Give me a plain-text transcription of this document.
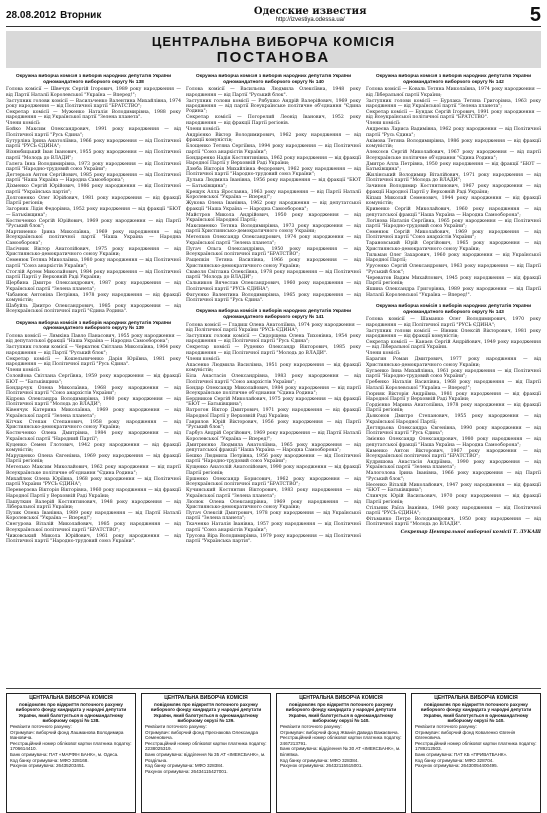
28.08.2012 Вторник	Одесские известия
http://izvestiya.odessa.ua/	5
ЦЕНТРАЛЬНА ВИБОРЧА КОМІСІЯ
ПОСТАНОВА
Окружна виборча комісія з виборів народних депутатів України одномандатного виборчого округу № 138

Голова комісії — Швечук Сергій Ігорович, 1989 року народження — від Партії Наталії Королевської "Україна — Вперед!";

Заступник голови комісії — Васильченко Валентина Михайлівна, 1974 року народження — від Політичної партії "БРАТСТВО";

Секретар комісії — Муженко Наталія Володимирівна, 1988 року народження — від Української партії "Зелена планета".

Члени комісії:

Бойко Максим Олександрович, 1991 року народження — від Політичної партії "Русь Єдина";

Бутурліна Ірина Анатоліївна, 1966 року народження — від Політичної партії "РУСЬ ЄДИНА";

Візнюбицький Іван Іванович, 1955 року народження — від Політичної партії "Молодь до ВЛАДИ";

Галега Інна Володимирівна, 1973 року народження — від Політичної партії "Народно-трудовий союз України";

Дегтерьов Антон Сергійович, 1985 року народження — від Політичної партії "Наша Україна — Народна Самооборона";

Діхменко Сергій Юрійович, 1986 року народження — від Політичної партії "Українська партія";

Долгоненко Олег Юрійович, 1981 року народження — від фракції Партії регіонів;

Загорняк Лідія Федорівна, 1952 року народження — від фракції "БЮТ — Батьківщина";

Костюченко Сергій Юрійович, 1969 року народження — від Партії "Руський блок";

Мартиненко Ірина Миколаївна, 1969 року народження — від Всеукраїнської політичної партії "Наша Україна — Народна Самооборона";

Пасічник Віктор Анатолійович, 1975 року народження — від Християнсько-демократичного союзу України;

Семенюк Тетяна Миколаївна, 1980 року народження — від Політичної партії "Союз анархістів України";

Стоглій Артем Миколайович, 1984 року народження — від Політичної партії Партії у Верховній Раді України;

Щербина Дмитро Олександрович, 1987 року народження — від Української партії "Зелена планета";

Чабанюк Антоніна Петрівна, 1978 року народження — від фракції комуністів;

Шабуйль Дмитро Олександрович, 1985 року народження — від Всеукраїнської політичної партії "Єдина Родина".

Окружна виборча комісія з виборів народних депутатів України одномандатного виборчого округу № 139

Голова комісії — Лямкіна Павло Панасович, 1955 року народження — від депутатської фракції "Наша Україна — Народна Самооборона";

Заступник голови комісії — Черкатюк Світлана Миколаївна, 1964 року народження — від Партії "Руський блок";

Секретар комісії — Кошельниченко Дарія Юріївна, 1981 року народження — від Політичної партії "Русь Єдина".

Члени комісії:

Соловйова Світлана Сергіївна, 1959 року народження — від фракції БЮТ — "Батьківщина";

Бондарчук Олена Миколаївна, 1968 року народження — від Політичної партії "Союз анархістів України";

Кідрова Олександра Володимирівна, 1980 року народження — від Політичної партії "Молодь до ВЛАДИ";

Ківенчук Катерина Миколаївна, 1969 року народження — від Української партії "Зелена планета";

Кітчак Степан Степанович, 1958 року народження — від Християнсько-демократичного союзу України;

Костюченко Олена Дмитрівна, 1984 року народження — від Української партії "Народний Партії";

Куценко Семен Глотович, 1942 року народження — від фракції комуністів;

Марущенко Олена Євгенівна, 1969 року народження — від фракції Партії регіонів;

Метелько Максим Миколайович, 1962 року народження — від партії Всеукраїнське політичне об'єднання "Єдина Родина";

Михайлюк Олена Юріївна, 1968 року народження — від Політичної партії України "РУСЬ ЄДИНА";

Переверзєва Вікторія Вікторівна, 1960 року народження — від фракції Народної Партії у Верховній Раді України;

Пашуткин Валерій Костянтинович, 1948 року народження — від Ліберальної партії України;

Пузик Олена Іванівна, 1989 року народження — від Партії Наталії Королевської "Україна — Вперед!";

Снегурова Віталій Миколайович, 1985 року народження — від Всеукраїнської політичної партії "БРАТСТВО";

Чижовський Микола Юрійович, 1961 року народження — від Політичної партії "Народно-трудовий союз України".

Окружна виборча комісія з виборів народних депутатів України одномандатного виборчого округу № 140

Голова комісії — Васильєва Людмила Олексіївна, 1948 року народження — від Партії "Руський блок".

Заступник голови комісії — Рябушко Андрій Валерійович, 1969 року народження — від партії Всеукраїнське політичне об'єднання "Єдина Родина";

Секретар комісії — Погорелий Леонід Іванович, 1952 року народження — від фракції Партії регіонів.

Члени комісії:

Андрієнко Віктор Володимирович, 1962 року народження — від фракції комуністів;

Блощенко Тетяна Сергіївна, 1994 року народження — від Політичної партії "Союз анархістів України";

Бондаренко Надія Костянтинівна, 1962 року народження — від фракції Народної Партії у Верховній Раді України;

Дзюба Вікторія Михайлівна Федорович, 1962 року народження — від Політичної партії "Народно-трудовий союз України";

Дулька Людмила Іванівна, 1956 року народження — від фракції "БЮТ — Батьківщина";

Крещук Алла Ярославна, 1963 року народження — від Партії Наталії Королевської "Україна — Вперед!";

Жукова Олена Іванівна, 1962 року народження — від депутатської фракції "Наша Україна — Народна Самооборона";

Майстров Микола Андрійович, 1950 року народження — від Української Народної Партії;

Максименко Тетяна Володимирівна, 1973 року народження — від партії Християнсько-демократичного союзу України;

Метелков Олександр Олександрович, 1974 року народження — від Української партії "Зелена планета";

Пугач Ольга Олександрівна, 1950 року народження — від Всеукраїнської політичної партії "БРАТСТВО";

Ращепкін Тетяна Василівна, 1966 року народження — від Християнсько-демократичного союзу України;

Сваволя Світлана Олексіївна, 1978 року народження — від Політичної партії "Молодь до ВЛАДИ";

Сальников Вячеслав Олександрович, 1960 року народження — від Політичної партії "РУСЬ ЄДИНА";

Фатуєнко Валентина Володимирівна, 1965 року народження — від Політичної партії "Русь Єдина".

Окружна виборча комісія з виборів народних депутатів України одномандатного виборчого округу № 141

Голова комісії — Гладиш Олена Анатоліївна, 1974 року народження — від Політичної партії України "РУСЬ ЄДИНА";

Заступник голови комісії — Сидорщева Олена Тихонівна, 1954 року народження — від Політичної партії "Русь Єдина";

Секретар комісії — Руденко Олександр Вікторович, 1985 року народження — від Політичної партії "Молодь до ВЛАДИ".

Члени комісії:

Апасенко Людмила Василівна, 1951 року народження — від фракції комуністів;

Біла Анастасія Олександрівна, 1983 року народження — від Політичної партії "Союз анархістів України";

Бондар Олександр Миколайович, 1984 року народження — від партії Всеукраїнське політичне об'єднання "Єдина Родина";

Бердников Сергій Миколайович, 1975 року народження — від фракції "БЮТ — Батьківщина";

Ватрогон Віктор Дмитрович, 1971 року народження — від фракції Народної Партії у Верховній Раді України;

Гаврилов Юрій Вікторович, 1956 року народження — від Партії "Руський блок";

Гарбуз Андрій Сергійович, 1969 року народження — від Партії Наталії Королевської "Україна — Вперед!";

Дмитриєнко Людмила Анатоліївна, 1965 року народження — від депутатської фракції "Наша Україна — Народна Самооборона";

Бешко Людмила Петрівна, 1956 року народження — від Політичної партії "Народно-трудовий союз України";

Кущенко Анатолій Анатолійович, 1990 року народження — від фракції Партії регіонів;

Ершенко Олександр Борисович, 1962 року народження — від Всеукраїнської політичної партії "БРАТСТВО";

Кучинський Костянтин Вікторович, 1983 року народження — від Української партії "Зелена планета";

Люлюк Олена Олександрівна, 1969 року народження — від Християнсько-демократичного союзу України;

Пугач Олексій Дмитрович, 1978 року народження — від Української партії "Зелена планета";

Ткаченко Наталія Іванівна, 1957 року народження — від Політичної партії "Союз анархістів України";

Трусова Віра Володимирівна, 1979 року народження — від Політичної партії "Українська партія".

Окружна виборча комісія з виборів народних депутатів України одномандатного виборчого округу № 142

Голова комісії — Коваль Тетяна Миколаївна, 1974 року народження — від Ліберальної партії України;

Заступник голови комісії — Бурлака Тетяна Григорівна, 1963 року народження — від Української партії "Зелена планета";

Секретар комісії — Бундак Сергій Ігорович, 1991 року народження — від Всеукраїнської політичної партії "БРАТСТВО".

Члени комісії:

Андреєва Лариса Вадимівна, 1962 року народження — від Політичної партії "Русь Єдина";

Акімова Тетяна Володимирівна, 1986 року народження — від фракції комуністів;

Алексєєв Сергій Миколайович, 1967 року народження — від партії Всеукраїнське політичне об'єднання "Єдина Родина";

Дмитро Алла Петрівна, 1950 року народження — від фракції "БЮТ — Батьківщина";

Жилінський Володимир Віталійович, 1971 року народження — від Політичної партії "Молодь до ВЛАДИ";

Зачинов Володимир Костянтинович, 1967 року народження — від фракції Народної Партії у Верховній Раді України;

Кіпаш Миколай Семенович, 1944 року народження — від фракції комуністів;

Кривенко Сергій Миколайович, 1960 року народження — від депутатської фракції "Наша Україна — Народна Самооборона";

Логінова Наталія Сергіївна, 1965 року народження — від Політичної партії "Народно-трудовий союз України";

Семенюк Сергій Миколайович, 1969 року народження — від Політичної партії "Союз анархістів України";

Тарановський Юрій Сергійович, 1965 року народження — від Християнсько-демократичного союзу України;

Тильман Олег Захарович, 1960 року народження — від Української Народної Партії;

Урусенко Сергій Олександрович, 1963 року народження — від Партії "Руський блок";

Череватов Вадим Михайлович, 1945 року народження — від фракції Партії регіонів;

Яшина Олександра Григорівна, 1989 року народження — від Партії Наталії Королевської "Україна — Вперед!".

Окружна виборча комісія з виборів народних депутатів України одномандатного виборчого округу № 143

Голова комісії — Шаманко Олег Володимирович, 1970 року народження — від Політичної партії "РУСЬ ЄДИНА";

Заступник голови комісії — Вінник Олексій Вікторович, 1981 року народження — від фракції комуністів;

Секретар комісії — Канаєв Сергій Андрійович, 1949 року народження — від Ліберальної партії України.

Члени комісії:

Барагин Роман Дмитрович, 1977 року народження — від Християнсько-демократичного союзу України;

Бугаенко Інна Михайлівна, 1961 року народження — від Політичної партії "Народно-трудовий союз України";

Гребенко Наталія Василівна, 1968 року народження — від Партії Наталії Королевської "Україна — Вперед!";

Гюрняк Вікторія Андріївна, 1981 року народження — від фракції Народної Партії у Верховній Раді України;

Гордієнко Марина Анатоліївна, 1978 року народження — від фракції Партії регіонів;

Дьяконов Дмитро Степанович, 1955 року народження — від Української Народної Партії;

Дегтярьова Олександра Євгенівна, 1990 року народження — від Політичної партії "Русь Єдина";

Змієнко Олександр Олександрович, 1980 року народження — від депутатської фракції "Наша Україна — Народна Самооборона";

Кименко Антон Вікторович, 1967 року народження — від Всеукраїнської політичної партії "БРАТСТВО";

Кудряшова Анастасія Андріївна, 1990 року народження — від Української партії "Зелена планета";

Малоголова Ірина Іванівна, 1966 року народження — від Партії "Руський блок";

Несенко Віталій Миколайович, 1947 року народження — від фракції "БЮТ — Батьківщина";

Слинчук Юрій Васильович, 1970 року народження — від фракції Партії регіонів;

Стільник Раїса Іванівна, 1948 року народження — від Політичної партії "РУСЬ ЄДИНА";

Фітьманко Петро Володимирович, 1950 року народження — від Політичної партії "Молодь до ВЛАДИ".

Секретар Центральної виборчої комісії Т. ЛУКАШ
ЦЕНТРАЛЬНА ВИБОРЧА КОМІСІЯ
повідомляє про відкриття поточного рахунку виборчого фонду кандидата у народні депутати України, який балотується в одномандатному виборчому окрузі № 138.
Реквізити поточного рахунку:
Отримувач: виборчий фонд Лашманова Володимира Івановича.
Реєстраційний номер облікової картки платника податку: 1706614410.
Банк отримувача: ПАТ «МАРФІН БАНК», м. Одеса.
Код банку отримувача: МФО 328168.
Рахунок отримувача: 26435203451.
ЦЕНТРАЛЬНА ВИБОРЧА КОМІСІЯ
повідомляє про відкриття поточного рахунку виборчого фонду кандидата у народні депутати України, який балотується в одномандатному виборчому окрузі № 139.
Реквізити поточного рахунку:
Отримувач: виборчий фонд Преснакова Олександра Семеновича.
Реєстраційний номер облікової картки платника податку: 2238025319.
Банк отримувача: відділення № 35 АТ «ІМЕКСБАНК», м. Роздільна.
Код банку отримувача: МФО 328384.
Рахунок отримувача: 26434115427001.
ЦЕНТРАЛЬНА ВИБОРЧА КОМІСІЯ
повідомляє про відкриття поточного рахунку виборчого фонду кандидата у народні депутати України, який балотується в одномандатному виборчому окрузі № 140.
Реквізити поточного рахунку:
Отримувач: виборчий фонд Жванія Давида Важаєвича.
Реєстраційний номер облікової картки платника податку: 2467213791.
Банк отримувача: відділення № 30 АТ «ІМЕКСБАНК», м. Біляївка.
Код банку отримувача: МФО 328384.
Рахунок отримувача: 26432115515001.
ЦЕНТРАЛЬНА ВИБОРЧА КОМІСІЯ
повідомляє про відкриття поточного рахунку виборчого фонду кандидата у народні депутати України, який балотується в одномандатному виборчому окрузі № 140.
Реквізити поточного рахунку:
Отримувач: виборчий фонд Коваленко Євгенія Євгеновича.
Реєстраційний номер облікової картки платника податку: 1789212503.
Банк отримувача: ПАТ КБ «ПРИВАТБАНК».
Код банку отримувача: МФО 328704.
Рахунок отримувача: 26430054400495.
